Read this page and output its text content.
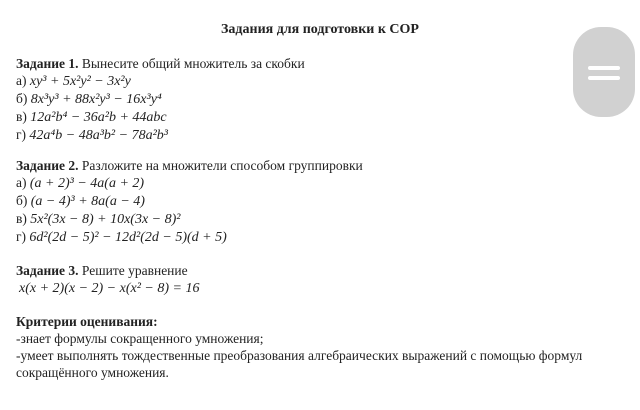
Задания для подготовки к СОР
Задание 1. Вынесите общий множитель за скобки
а) xy³ + 5x²y² − 3x²y
б) 8x³y³ + 88x²y³ − 16x³y⁴
в) 12a²b⁴ − 36a²b + 44abc
г) 42a⁴b − 48a³b² − 78a²b³
Задание 2. Разложите на множители способом группировки
а) (a + 2)³ − 4a(a + 2)
б) (a − 4)³ + 8a(a − 4)
в) 5x²(3x − 8) + 10x(3x − 8)²
г) 6d²(2d − 5)² − 12d²(2d − 5)(d + 5)
Задание 3. Решите уравнение
x(x + 2)(x − 2) − x(x² − 8) = 16
Критерии оценивания:
-знает формулы сокращенного умножения;
-умеет выполнять тождественные преобразования алгебраических выражений с помощью формул сокращённого умножения.
